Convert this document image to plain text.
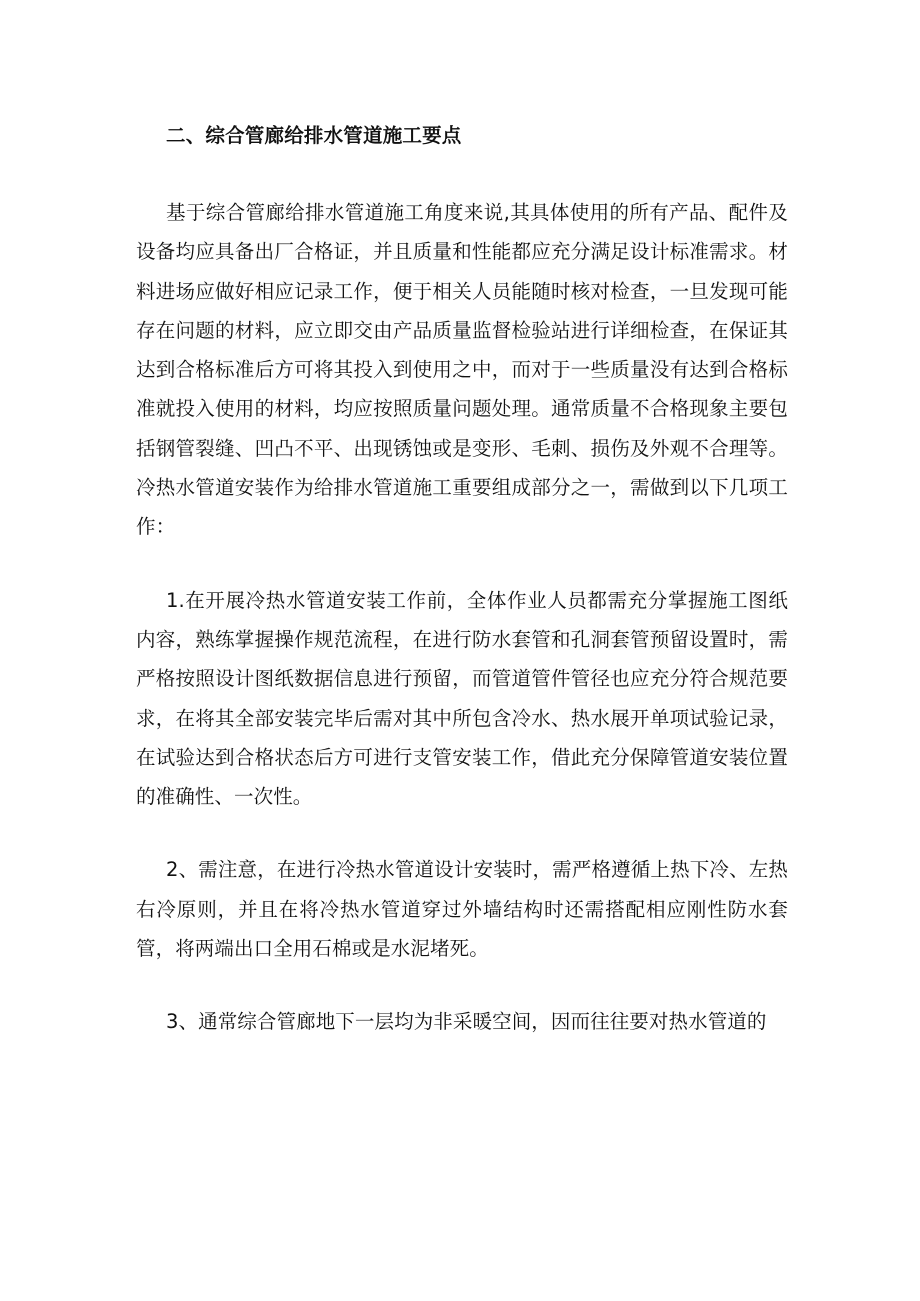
二、综合管廊给排水管道施工要点

基于综合管廊给排水管道施工角度来说,其具体使用的所有产品、配件及设备均应具备出厂合格证，并且质量和性能都应充分满足设计标准需求。材料进场应做好相应记录工作，便于相关人员能随时核对检查，一旦发现可能存在问题的材料，应立即交由产品质量监督检验站进行详细检查，在保证其达到合格标准后方可将其投入到使用之中，而对于一些质量没有达到合格标准就投入使用的材料，均应按照质量问题处理。通常质量不合格现象主要包括钢管裂缝、凹凸不平、出现锈蚀或是变形、毛刺、损伤及外观不合理等。冷热水管道安装作为给排水管道施工重要组成部分之一，需做到以下几项工作：

1.在开展冷热水管道安装工作前，全体作业人员都需充分掌握施工图纸内容，熟练掌握操作规范流程，在进行防水套管和孔洞套管预留设置时，需严格按照设计图纸数据信息进行预留，而管道管件管径也应充分符合规范要求，在将其全部安装完毕后需对其中所包含冷水、热水展开单项试验记录，在试验达到合格状态后方可进行支管安装工作，借此充分保障管道安装位置的准确性、一次性。

2、需注意，在进行冷热水管道设计安装时，需严格遵循上热下冷、左热右冷原则，并且在将冷热水管道穿过外墙结构时还需搭配相应刚性防水套管，将两端出口全用石棉或是水泥堵死。

3、通常综合管廊地下一层均为非采暖空间，因而往往要对热水管道的
